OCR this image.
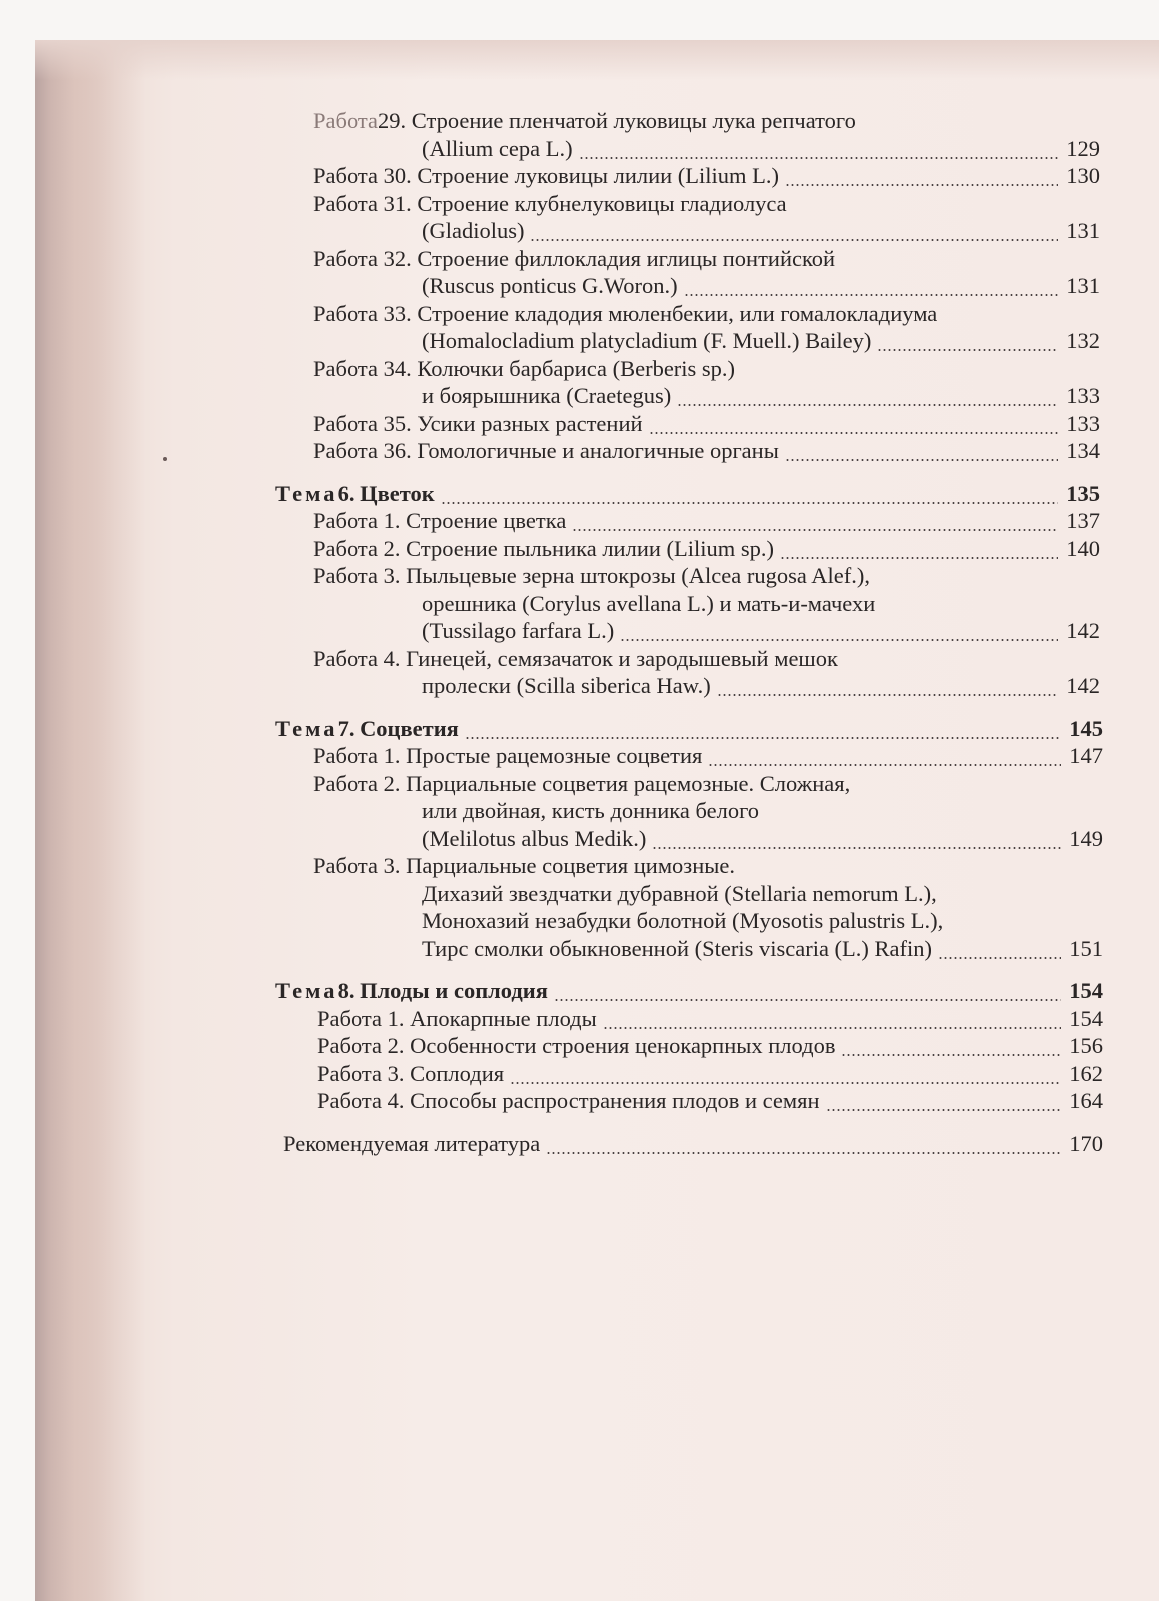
Работа 29. Строение пленчатой луковицы лука репчатого
(Allium cepa L.)	129
Работа 30. Строение луковицы лилии (Lilium L.)	130
Работа 31. Строение клубнелуковицы гладиолуса
(Gladiolus)	131
Работа 32. Строение филлокладия иглицы понтийской
(Ruscus ponticus G.Woron.)	131
Работа 33. Строение кладодия мюленбекии, или гомалокладиума
(Homalocladium platycladium (F. Muell.) Bailey)	132
Работа 34. Колючки барбариса (Berberis sp.)
и боярышника (Craetegus)	133
Работа 35. Усики разных растений	133
Работа 36. Гомологичные и аналогичные органы	134
Тема 6. Цветок	135
Работа 1. Строение цветка	137
Работа 2. Строение пыльника лилии (Lilium sp.)	140
Работа 3. Пыльцевые зерна штокрозы (Alcea rugosa Alef.),
орешника (Corylus avellana L.) и мать-и-мачехи
(Tussilago farfara L.)	142
Работа 4. Гинецей, семязачаток и зародышевый мешок
пролески (Scilla siberica Haw.)	142
Тема 7. Соцветия	145
Работа 1. Простые рацемозные соцветия	147
Работа 2. Парциальные соцветия рацемозные. Сложная,
или двойная, кисть донника белого
(Melilotus albus Medik.)	149
Работа 3. Парциальные соцветия цимозные.
Дихазий звездчатки дубравной (Stellaria nemorum L.),
Монохазий незабудки болотной (Myosotis palustris L.),
Тирс смолки обыкновенной (Steris viscaria (L.) Rafin)	151
Тема 8. Плоды и соплодия	154
Работа 1. Апокарпные плоды	154
Работа 2. Особенности строения ценокарпных плодов	156
Работа 3. Соплодия	162
Работа 4. Способы распространения плодов и семян	164
Рекомендуемая литература	170
